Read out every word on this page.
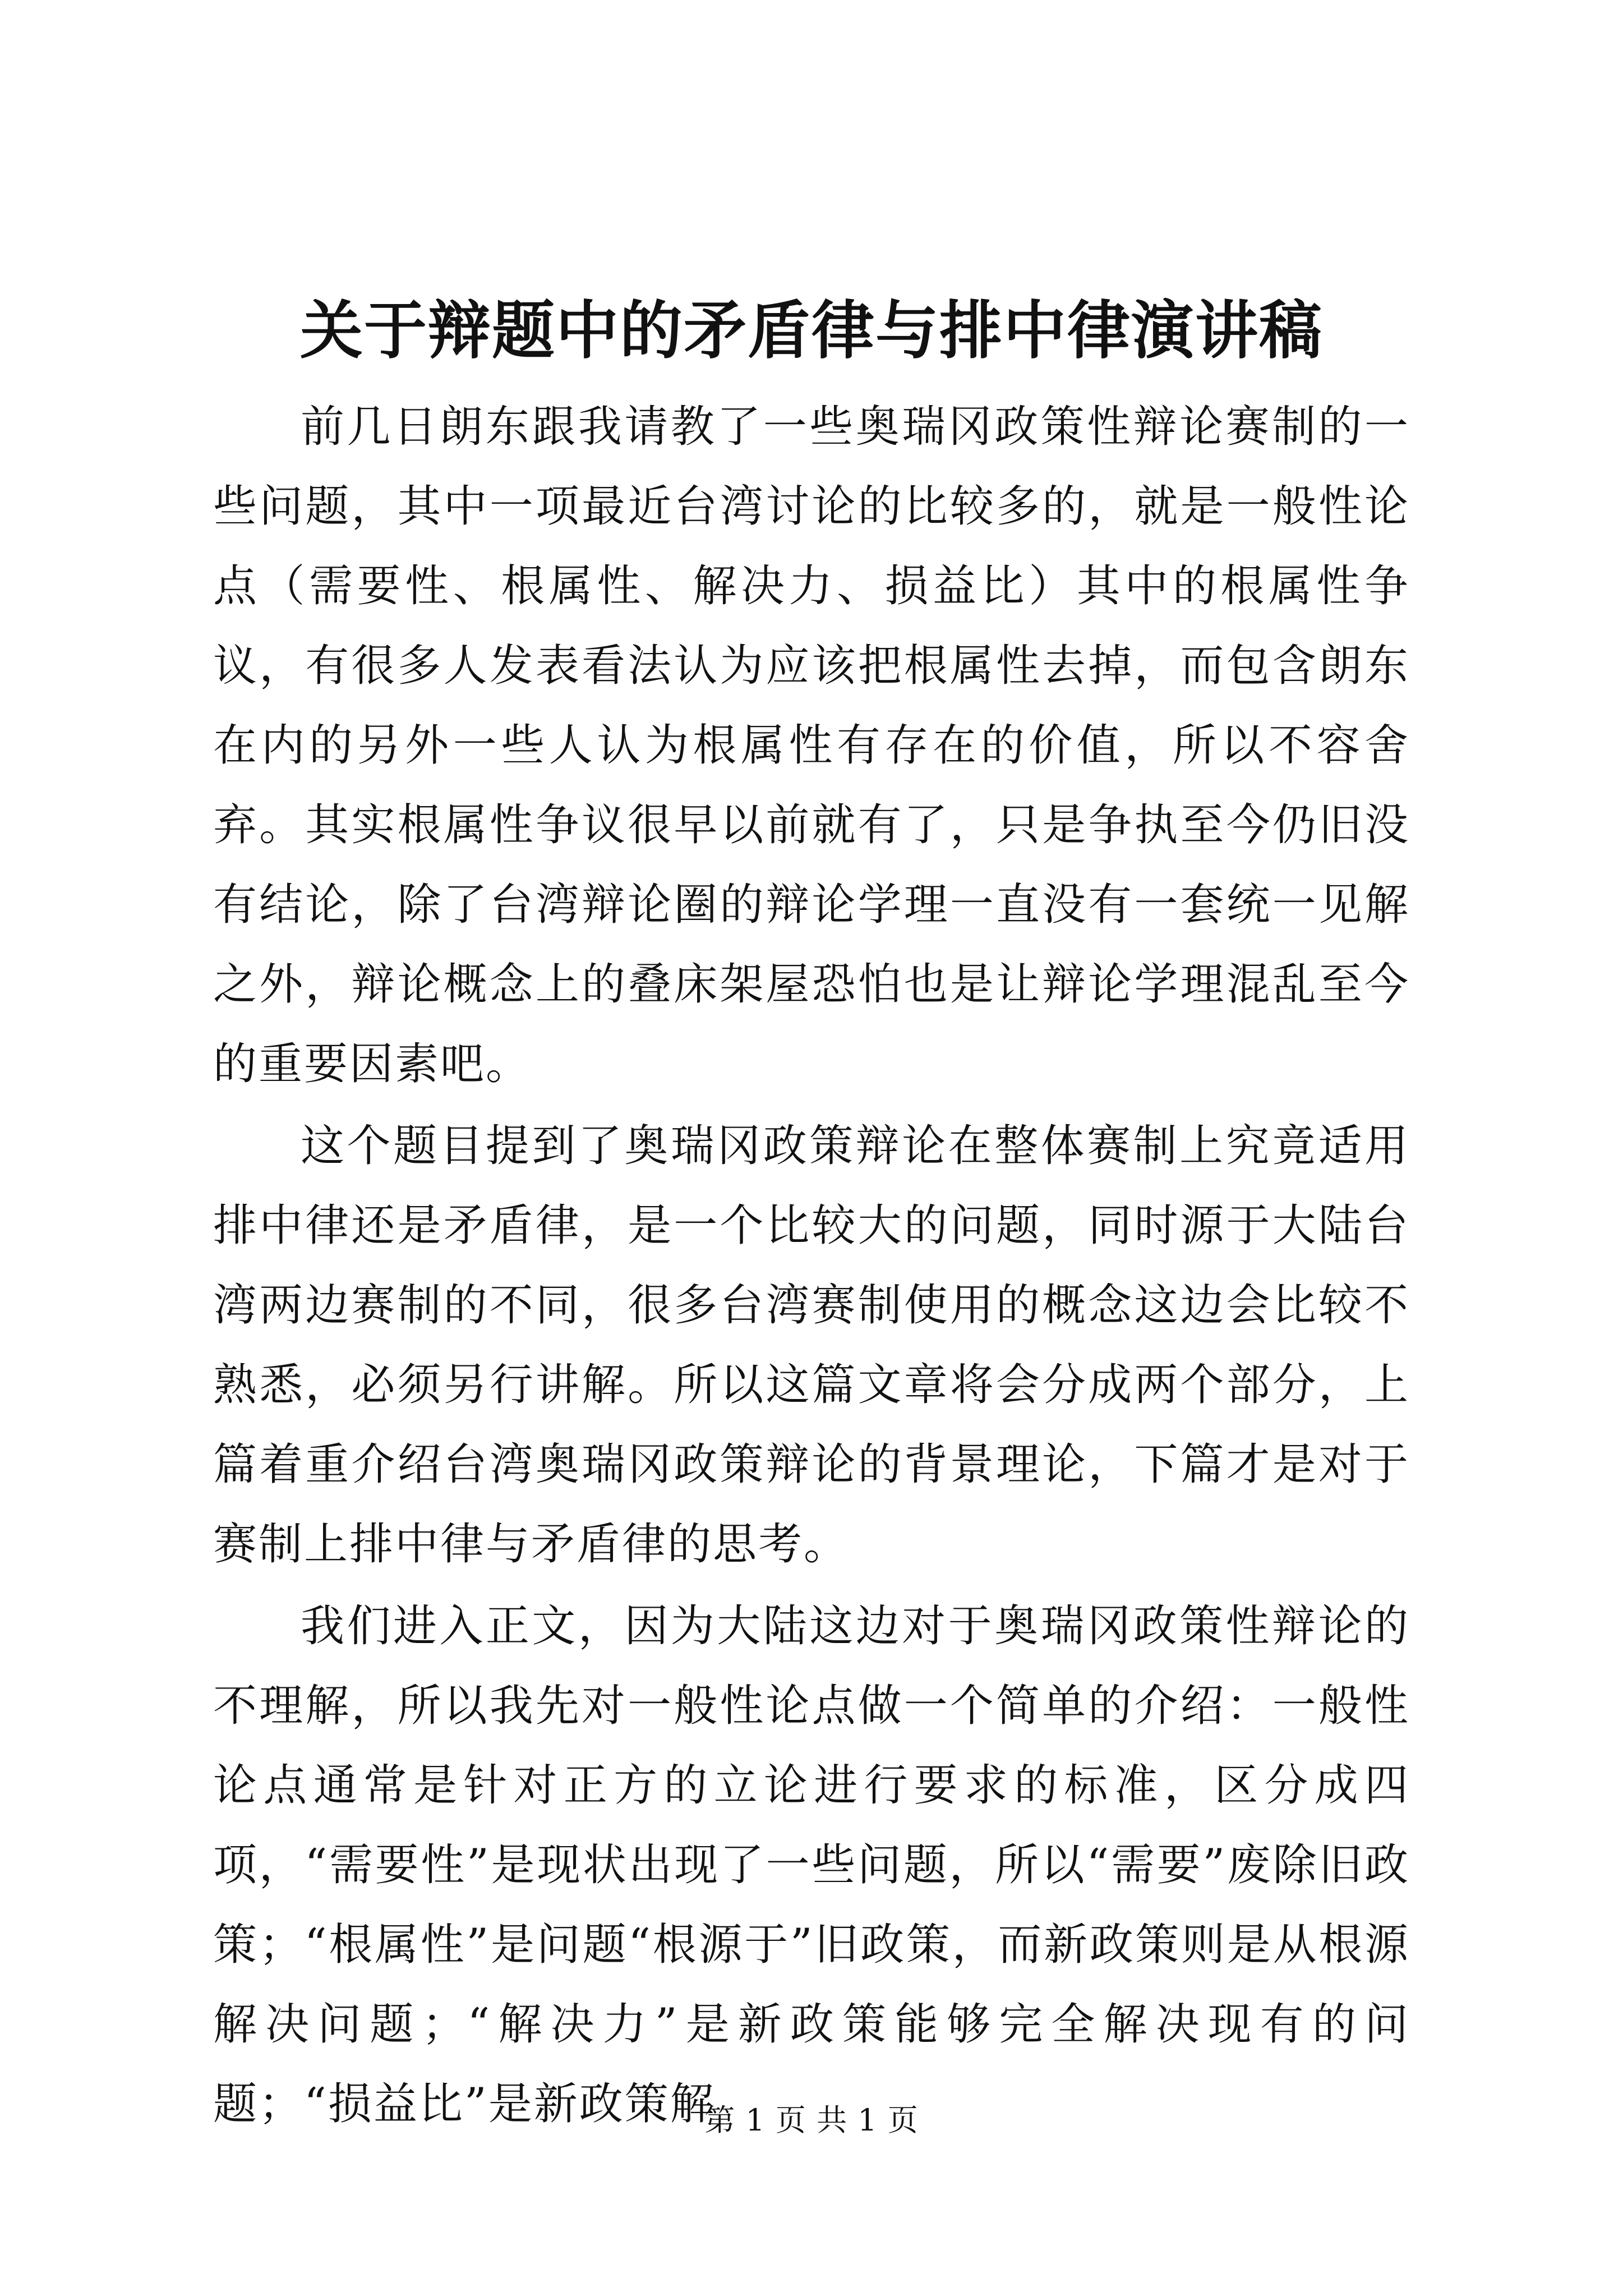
关于辩题中的矛盾律与排中律演讲稿

前几日朗东跟我请教了一些奥瑞冈政策性辩论赛制的一些问题，其中一项最近台湾讨论的比较多的，就是一般性论点（需要性、根属性、解决力、损益比）其中的根属性争议，有很多人发表看法认为应该把根属性去掉，而包含朗东在内的另外一些人认为根属性有存在的价值，所以不容舍弃。其实根属性争议很早以前就有了，只是争执至今仍旧没有结论，除了台湾辩论圈的辩论学理一直没有一套统一见解之外，辩论概念上的叠床架屋恐怕也是让辩论学理混乱至今的重要因素吧。

这个题目提到了奥瑞冈政策辩论在整体赛制上究竟适用排中律还是矛盾律，是一个比较大的问题，同时源于大陆台湾两边赛制的不同，很多台湾赛制使用的概念这边会比较不熟悉，必须另行讲解。所以这篇文章将会分成两个部分，上篇着重介绍台湾奥瑞冈政策辩论的背景理论，下篇才是对于赛制上排中律与矛盾律的思考。

我们进入正文，因为大陆这边对于奥瑞冈政策性辩论的不理解，所以我先对一般性论点做一个简单的介绍：一般性论点通常是针对正方的立论进行要求的标准，区分成四项，“需要性”是现状出现了一些问题，所以“需要”废除旧政策；“根属性”是问题“根源于”旧政策，而新政策则是从根源解决问题；“解决力”是新政策能够完全解决现有的问题；“损益比”是新政策解

第 1 页 共 1 页
